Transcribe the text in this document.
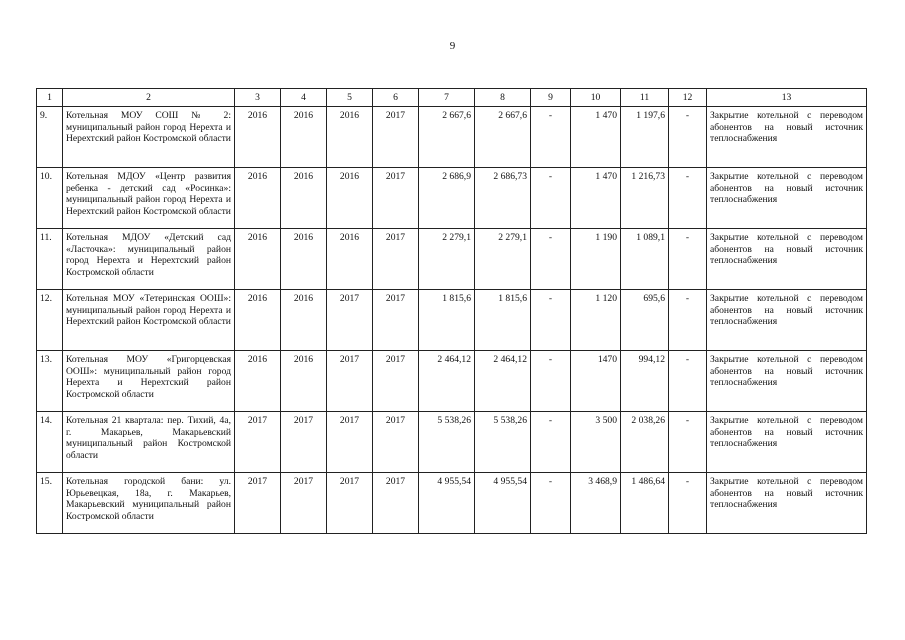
9
1	2	3	4	5	6	7	8	9	10	11	12	13
9.	Котельная МОУ СОШ № 2: муниципальный район город Нерехта и Нерехтский район Костромской области	2016	2016	2016	2017	2 667,6	2 667,6	-	1 470	1 197,6	-	Закрытие котельной с переводом абонентов на новый источник теплоснабжения
10.	Котельная МДОУ «Центр развития ребенка - детский сад «Росинка»: муниципальный район город Нерехта и Нерехтский район Костромской области	2016	2016	2016	2017	2 686,9	2 686,73	-	1 470	1 216,73	-	Закрытие котельной с переводом абонентов на новый источник теплоснабжения
11.	Котельная МДОУ «Детский сад «Ласточка»: муниципальный район город Нерехта и Нерехтский район Костромской области	2016	2016	2016	2017	2 279,1	2 279,1	-	1 190	1 089,1	-	Закрытие котельной с переводом абонентов на новый источник теплоснабжения
12.	Котельная МОУ «Тетеринская ООШ»: муниципальный район город Нерехта и Нерехтский район Костромской области	2016	2016	2017	2017	1 815,6	1 815,6	-	1 120	695,6	-	Закрытие котельной с переводом абонентов на новый источник теплоснабжения
13.	Котельная МОУ «Григорцевская ООШ»: муниципальный район город Нерехта и Нерехтский район Костромской области	2016	2016	2017	2017	2 464,12	2 464,12	-	1470	994,12	-	Закрытие котельной с переводом абонентов на новый источник теплоснабжения
14.	Котельная 21 квартала: пер. Тихий, 4а, г. Макарьев, Макарьевский муниципальный район Костромской области	2017	2017	2017	2017	5 538,26	5 538,26	-	3 500	2 038,26	-	Закрытие котельной с переводом абонентов на новый источник теплоснабжения
15.	Котельная городской бани: ул. Юрьевецкая, 18а, г. Макарьев, Макарьевский муниципальный район Костромской области	2017	2017	2017	2017	4 955,54	4 955,54	-	3 468,9	1 486,64	-	Закрытие котельной с переводом абонентов на новый источник теплоснабжения
